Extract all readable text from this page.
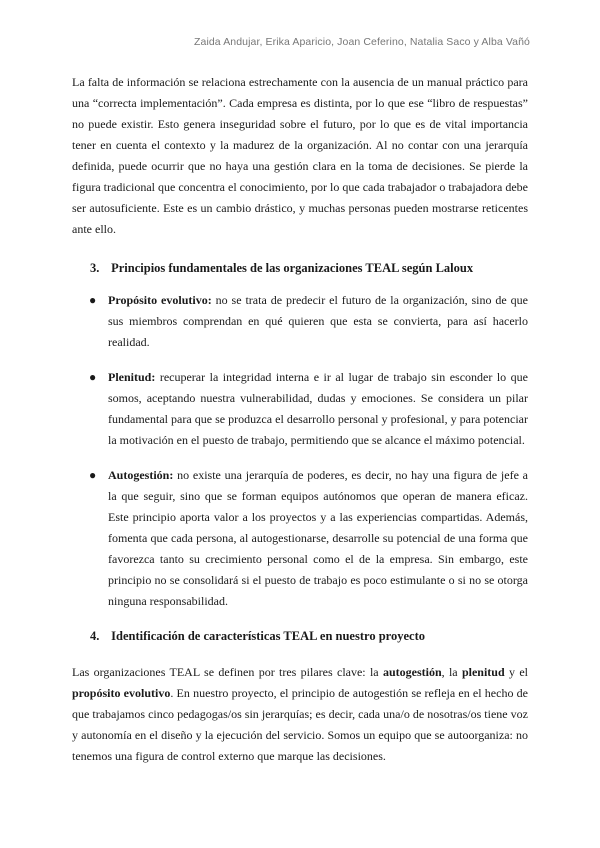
Zaida Andujar, Erika Aparicio, Joan Ceferino, Natalia Saco y Alba Vañó

La falta de información se relaciona estrechamente con la ausencia de un manual práctico para una “correcta implementación”. Cada empresa es distinta, por lo que ese “libro de respuestas” no puede existir. Esto genera inseguridad sobre el futuro, por lo que es de vital importancia tener en cuenta el contexto y la madurez de la organización. Al no contar con una jerarquía definida, puede ocurrir que no haya una gestión clara en la toma de decisiones. Se pierde la figura tradicional que concentra el conocimiento, por lo que cada trabajador o trabajadora debe ser autosuficiente. Este es un cambio drástico, y muchas personas pueden mostrarse reticentes ante ello.

3. Principios fundamentales de las organizaciones TEAL según Laloux
● Propósito evolutivo: no se trata de predecir el futuro de la organización, sino de que sus miembros comprendan en qué quieren que esta se convierta, para así hacerlo realidad.

● Plenitud: recuperar la integridad interna e ir al lugar de trabajo sin esconder lo que somos, aceptando nuestra vulnerabilidad, dudas y emociones. Se considera un pilar fundamental para que se produzca el desarrollo personal y profesional, y para potenciar la motivación en el puesto de trabajo, permitiendo que se alcance el máximo potencial.

● Autogestión: no existe una jerarquía de poderes, es decir, no hay una figura de jefe a la que seguir, sino que se forman equipos autónomos que operan de manera eficaz. Este principio aporta valor a los proyectos y a las experiencias compartidas. Además, fomenta que cada persona, al autogestionarse, desarrolle su potencial de una forma que favorezca tanto su crecimiento personal como el de la empresa. Sin embargo, este principio no se consolidará si el puesto de trabajo es poco estimulante o si no se otorga ninguna responsabilidad.

4. Identificación de características TEAL en nuestro proyecto

Las organizaciones TEAL se definen por tres pilares clave: la autogestión, la plenitud y el propósito evolutivo. En nuestro proyecto, el principio de autogestión se refleja en el hecho de que trabajamos cinco pedagogas/os sin jerarquías; es decir, cada una/o de nosotras/os tiene voz y autonomía en el diseño y la ejecución del servicio. Somos un equipo que se autoorganiza: no tenemos una figura de control externo que marque las decisiones.
